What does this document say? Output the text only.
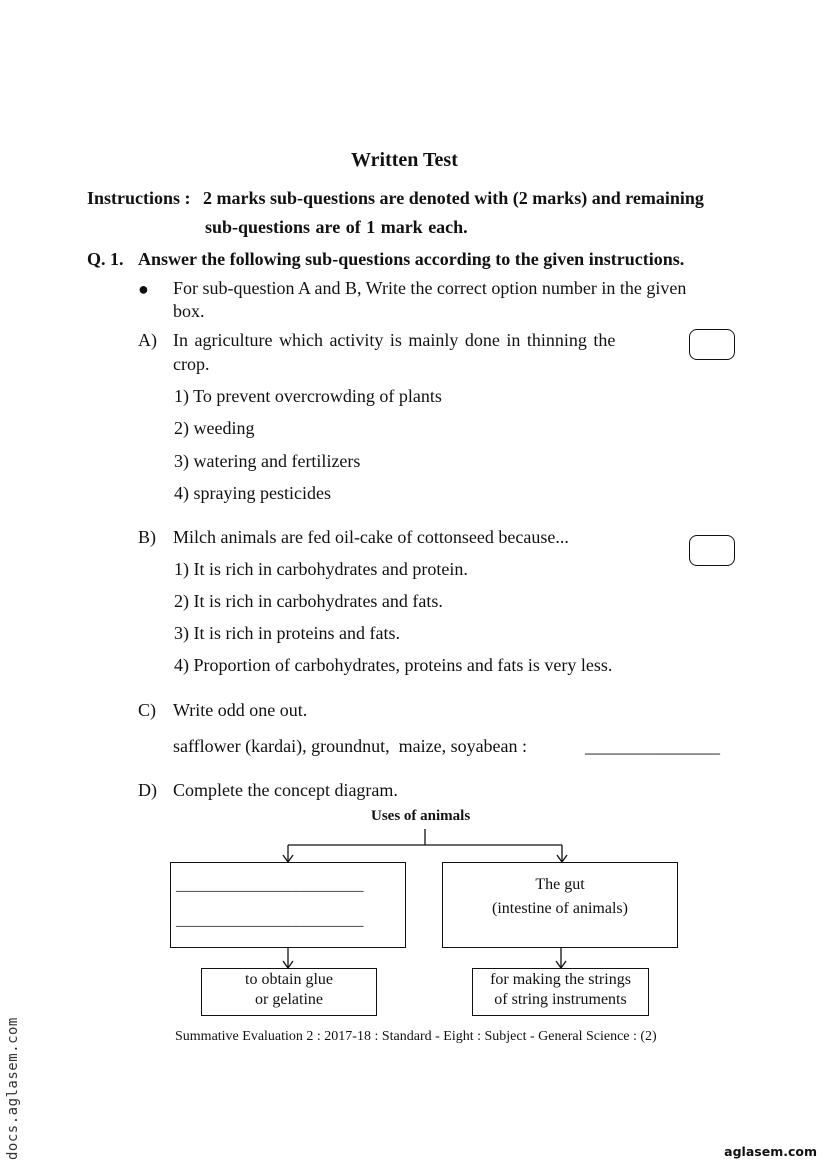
Written Test
Instructions : 2 marks sub-questions are denoted with (2 marks) and remaining
sub-questions are of 1 mark each.
Q. 1. Answer the following sub-questions according to the given instructions.
● For sub-question A and B, Write the correct option number in the given
box.
A) In agriculture which activity is mainly done in thinning the
crop.
1) To prevent overcrowding of plants
2) weeding
3) watering and fertilizers
4) spraying pesticides
B) Milch animals are fed oil-cake of cottonseed because...
1) It is rich in carbohydrates and protein.
2) It is rich in carbohydrates and fats.
3) It is rich in proteins and fats.
4) Proportion of carbohydrates, proteins and fats is very less.
C) Write odd one out.
safflower (kardai), groundnut,  maize, soyabean :	_______________
D) Complete the concept diagram.
Uses of animals
_________________________
_________________________
The gut
(intestine of animals)
to obtain glue
or gelatine
for making the strings
of string instruments
Summative Evaluation 2 : 2017-18 : Standard - Eight : Subject - General Science : (2)
docs.aglasem.com	aglasem.com
